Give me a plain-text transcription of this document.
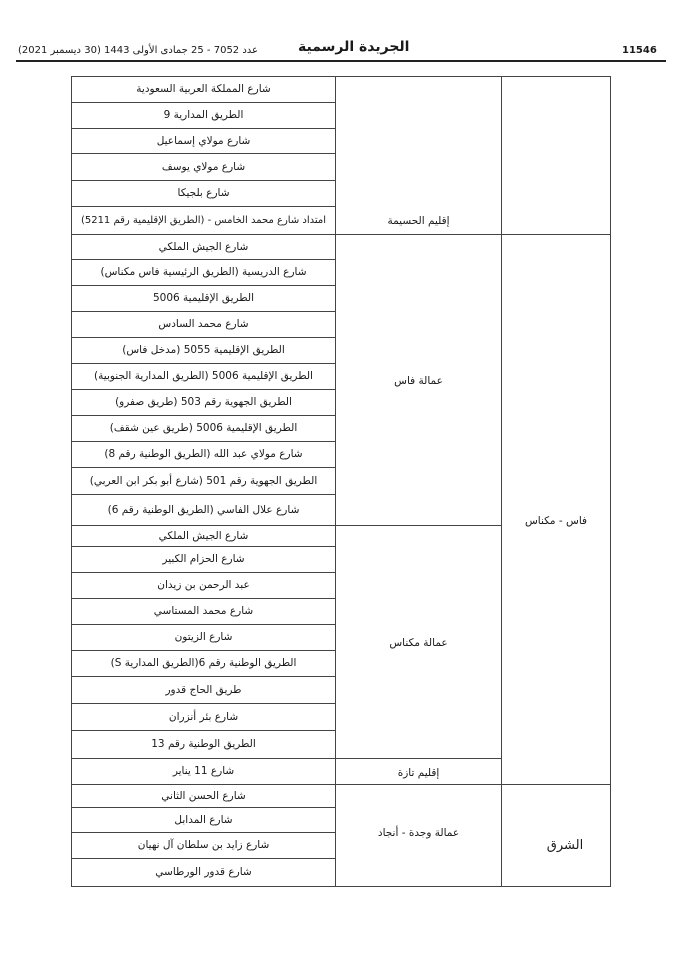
عدد 7052 - 25 جمادى الأولى 1443 (30 ديسمبر 2021)	الجريدة الرسمية	11546
شارع المملكة العربية السعودية
الطريق المدارية 9
شارع مولاي إسماعيل
شارع مولاي يوسف
شارع بلجيكا
امتداد شارع محمد الخامس - (الطريق الإقليمية رقم 5211)
شارع الجيش الملكي
شارع الدريسية (الطريق الرئيسية فاس مكناس)
الطريق الإقليمية 5006
شارع محمد السادس
الطريق الإقليمية 5055 (مدخل فاس)
الطريق الإقليمية 5006 (الطريق المدارية الجنوبية)
الطريق الجهوية رقم 503 (طريق صفرو)
الطريق الإقليمية 5006 (طريق عين شقف)
شارع مولاي عبد الله (الطريق الوطنية رقم 8)
الطريق الجهوية رقم 501 (شارع أبو بكر ابن العربي)
شارع علال الفاسي (الطريق الوطنية رقم 6)
شارع الجيش الملكي
شارع الحزام الكبير
عبد الرحمن بن زيدان
شارع محمد المستاسي
شارع الزيتون
الطريق الوطنية رقم 6(الطريق المدارية S)
طريق الحاج قدور
شارع بئر أنزران
الطريق الوطنية رقم 13
شارع 11 يناير
شارع الحسن الثاني
شارع المدابل
شارع زايد بن سلطان آل نهيان
شارع قدور الورطاسي
إقليم الحسيمة
عمالة فاس
عمالة مكناس
إقليم تازة
عمالة وجدة - أنجاد
فاس - مكناس
الشرق
